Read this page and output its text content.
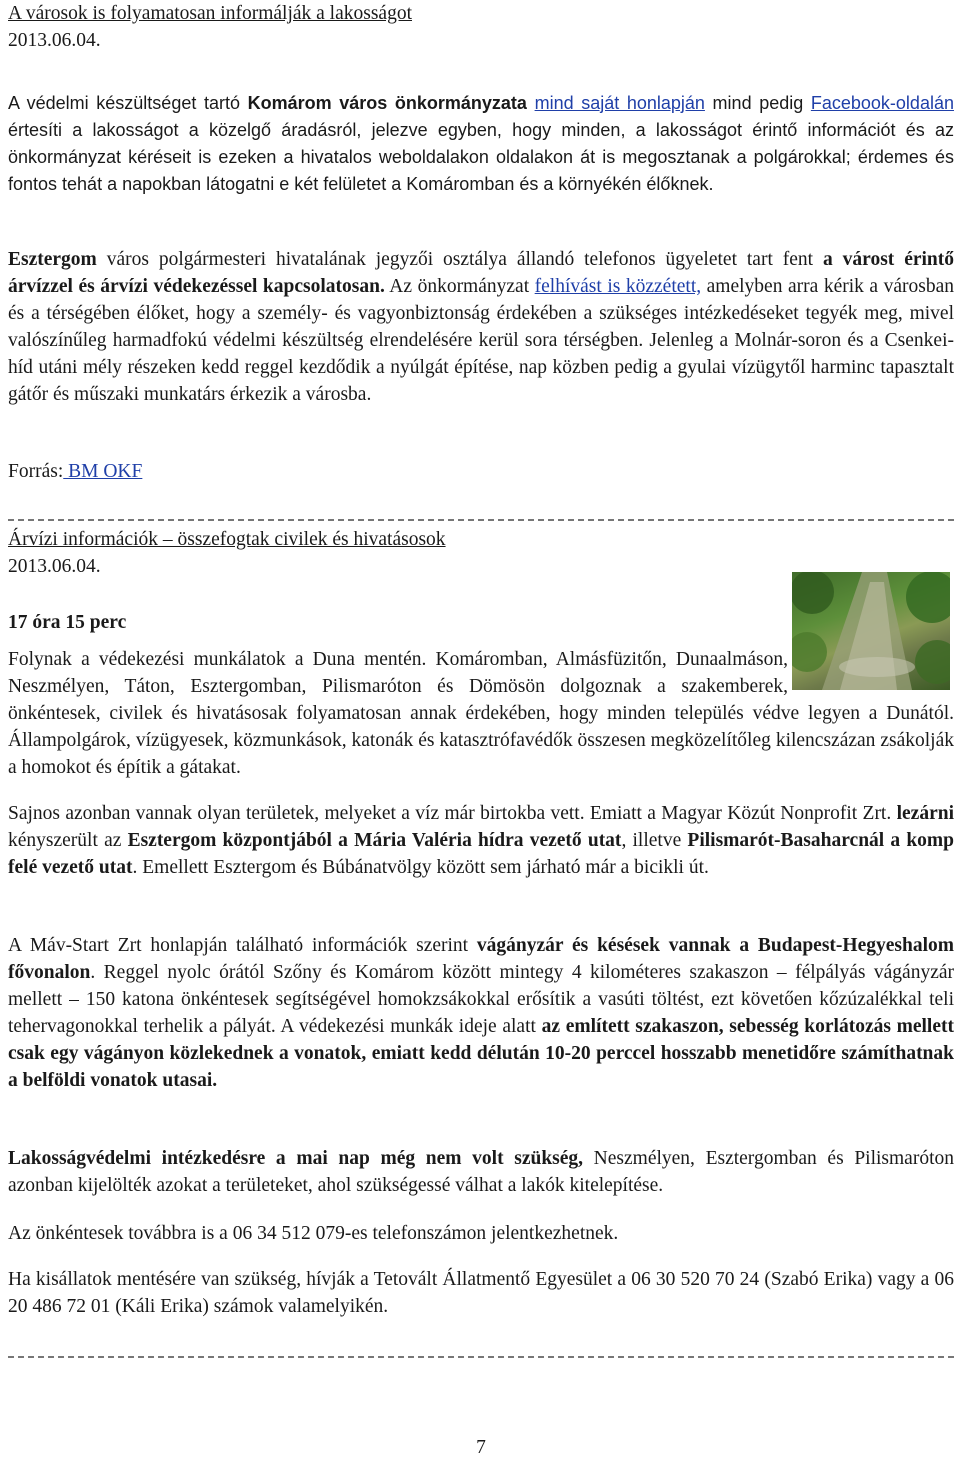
A városok is folyamatosan informálják a lakosságot
2013.06.04.

A védelmi készültséget tartó Komárom város önkormányzata mind saját honlapján mind pedig Facebook-oldalán értesíti a lakosságot a közelgő áradásról, jelezve egyben, hogy minden, a lakosságot érintő információt és az önkormányzat kéréseit is ezeken a hivatalos weboldalakon oldalakon át is megosztanak a polgárokkal; érdemes és fontos tehát a napokban látogatni e két felületet a Komáromban és a környékén élőknek.

Esztergom város polgármesteri hivatalának jegyzői osztálya állandó telefonos ügyeletet tart fent a várost érintő árvízzel és árvízi védekezéssel kapcsolatosan. Az önkormányzat felhívást is közzétett, amelyben arra kérik a városban és a térségében élőket, hogy a személy- és vagyonbiztonság érdekében a szükséges intézkedéseket tegyék meg, mivel valószínűleg harmadfokú védelmi készültség elrendelésére kerül sora térségben. Jelenleg a Molnár-soron és a Csenkei-híd utáni mély részeken kedd reggel kezdődik a nyúlgát építése, nap közben pedig a gyulai vízügytől harminc tapasztalt gátőr és műszaki munkatárs érkezik a városba.

Forrás: BM OKF
Árvízi információk – összefogtak civilek és hivatásosok
2013.06.04.
17 óra 15 perc

Folynak a védekezési munkálatok a Duna mentén. Komáromban, Almásfüzitőn, Dunaalmáson, Neszmélyen, Táton, Esztergomban, Pilismaróton és Dömösön dolgoznak a szakemberek, önkéntesek, civilek és hivatásosak folyamatosan annak érdekében, hogy minden település védve legyen a Dunától. Állampolgárok, vízügyesek, közmunkások, katonák és katasztrófavédők összesen megközelítőleg kilencszázan zsákolják a homokot és építik a gátakat.

Sajnos azonban vannak olyan területek, melyeket a víz már birtokba vett. Emiatt a Magyar Közút Nonprofit Zrt. lezárni kényszerült az Esztergom központjából a Mária Valéria hídra vezető utat, illetve Pilismarót-Basaharcnál a komp felé vezető utat. Emellett Esztergom és Búbánatvölgy között sem járható már a bicikli út.

A Máv-Start Zrt honlapján található információk szerint vágányzár és késések vannak a Budapest-Hegyeshalom fővonalon. Reggel nyolc órától Szőny és Komárom között mintegy 4 kilométeres szakaszon – félpályás vágányzár mellett – 150 katona önkéntesek segítségével homokzsákokkal erősítik a vasúti töltést, ezt követően kőzúzalékkal teli tehervagonokkal terhelik a pályát. A védekezési munkák ideje alatt az említett szakaszon, sebesség korlátozás mellett csak egy vágányon közlekednek a vonatok, emiatt kedd délután 10-20 perccel hosszabb menetidőre számíthatnak a belföldi vonatok utasai.

Lakosságvédelmi intézkedésre a mai nap még nem volt szükség, Neszmélyen, Esztergomban és Pilismaróton azonban kijelölték azokat a területeket, ahol szükségessé válhat a lakók kitelepítése.

Az önkéntesek továbbra is a 06 34 512 079-es telefonszámon jelentkezhetnek.

Ha kisállatok mentésére van szükség, hívják a Tetovált Állatmentő Egyesület a 06 30 520 70 24 (Szabó Erika) vagy a 06 20 486 72 01 (Káli Erika) számok valamelyikén.

7
